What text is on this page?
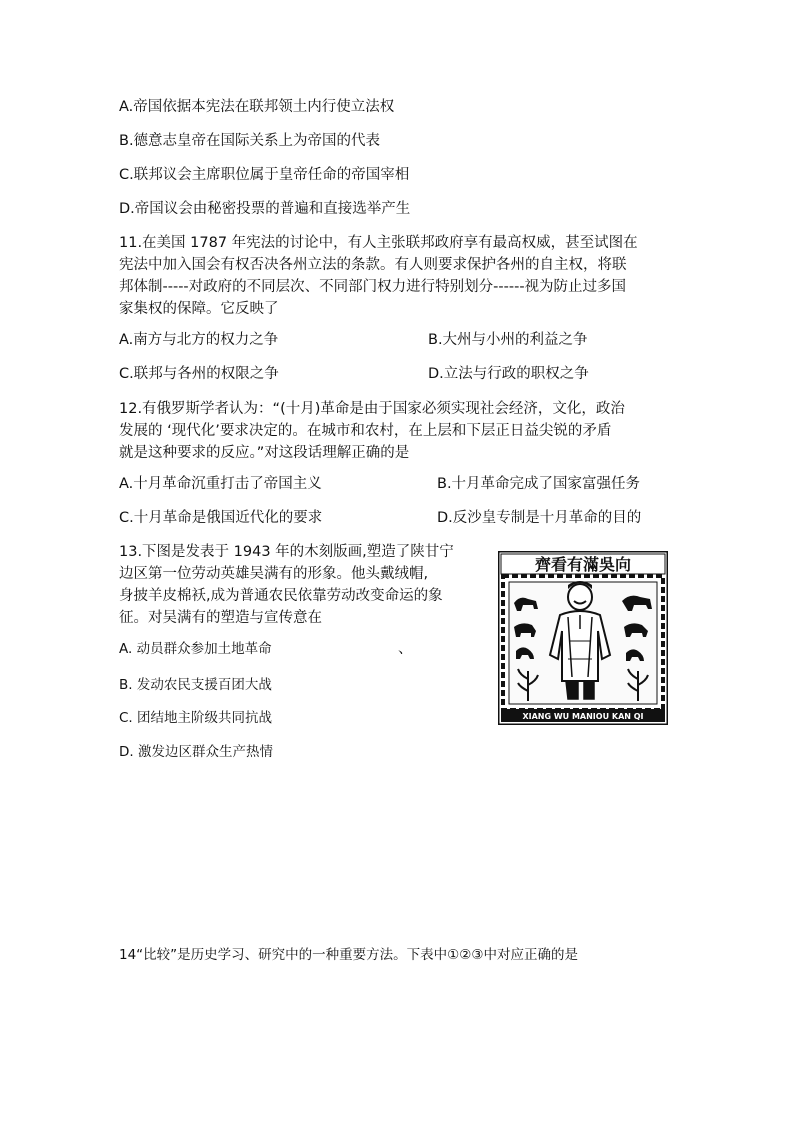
A.帝国依据本宪法在联邦领土内行使立法权
B.德意志皇帝在国际关系上为帝国的代表
C.联邦议会主席职位属于皇帝任命的帝国宰相
D.帝国议会由秘密投票的普遍和直接选举产生
11.在美国 1787 年宪法的讨论中，有人主张联邦政府享有最高权威，甚至试图在
宪法中加入国会有权否决各州立法的条款。有人则要求保护各州的自主权，将联
邦体制-----对政府的不同层次、不同部门权力进行特别划分------视为防止过多国
家集权的保障。它反映了
A.南方与北方的权力之争	B.大州与小州的利益之争
C.联邦与各州的权限之争	D.立法与行政的职权之争
12.有俄罗斯学者认为：“(十月)革命是由于国家必须实现社会经济，文化，政治
发展的 ‘现代化’要求决定的。在城市和农村，在上层和下层正日益尖锐的矛盾
就是这种要求的反应。”对这段话理解正确的是
A.十月革命沉重打击了帝国主义	B.十月革命完成了国家富强任务
C.十月革命是俄国近代化的要求	D.反沙皇专制是十月革命的目的
13.下图是发表于 1943 年的木刻版画,塑造了陕甘宁
边区第一位劳动英雄吴满有的形象。他头戴绒帽,
身披羊皮棉袄,成为普通农民依靠劳动改变命运的象
征。对吴满有的塑造与宣传意在
A. 动员群众参加土地革命	、
B. 发动农民支援百团大战
C. 团结地主阶级共同抗战
D. 激发边区群众生产热情
齊看有滿吳向
XIANG WU MANIOU KAN QI
14“比较”是历史学习、研究中的一种重要方法。下表中①②③中对应正确的是
